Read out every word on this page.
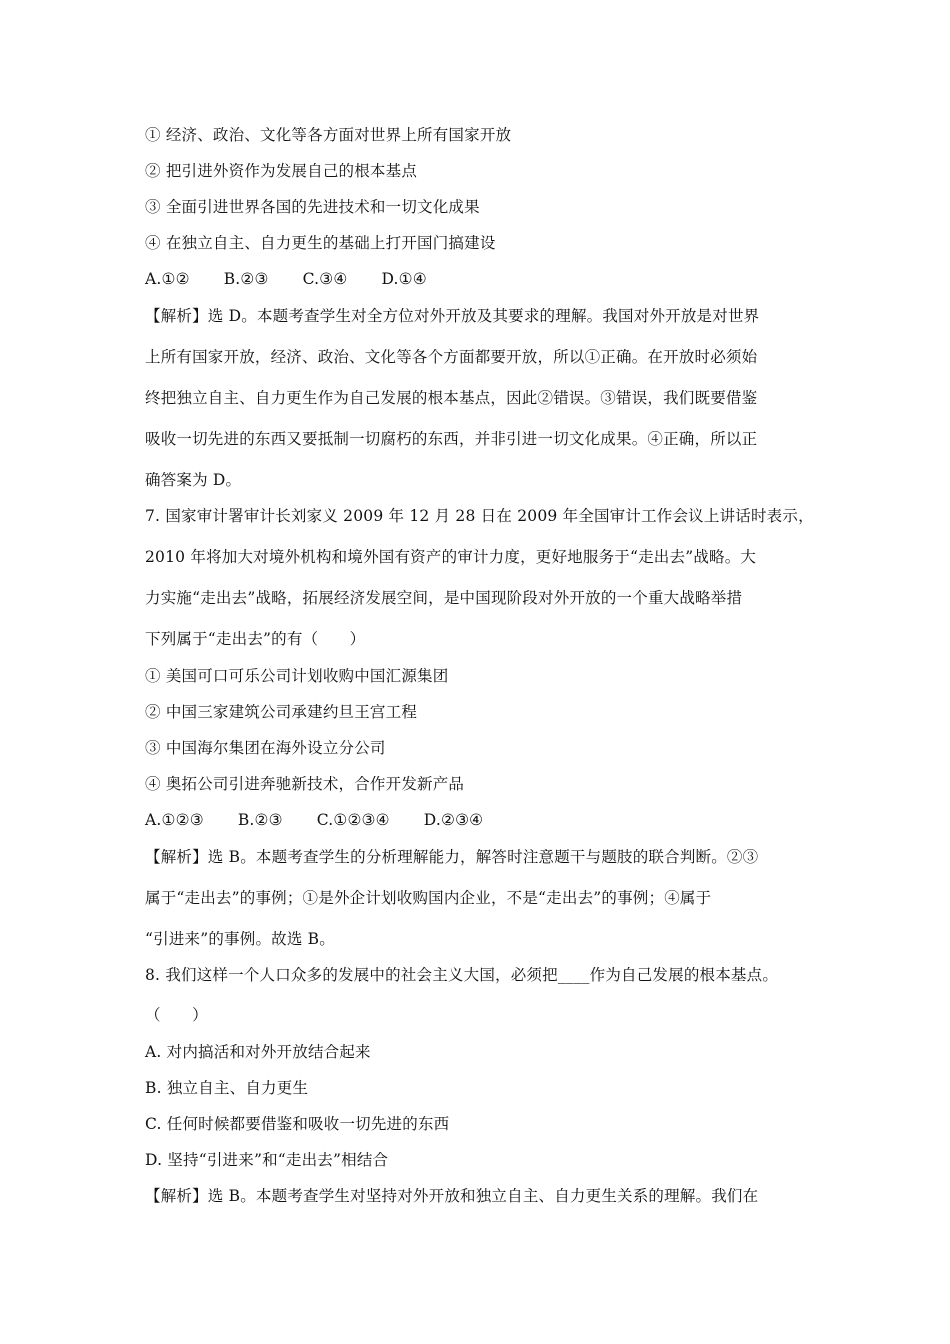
① 经济、政治、文化等各方面对世界上所有国家开放
② 把引进外资作为发展自己的根本基点
③ 全面引进世界各国的先进技术和一切文化成果
④ 在独立自主、自力更生的基础上打开国门搞建设
A.①② B.②③ C.③④ D.①④
【解析】选 D。本题考查学生对全方位对外开放及其要求的理解。我国对外开放是对世界
上所有国家开放，经济、政治、文化等各个方面都要开放，所以①正确。在开放时必须始
终把独立自主、自力更生作为自己发展的根本基点，因此②错误。③错误，我们既要借鉴
吸收一切先进的东西又要抵制一切腐朽的东西，并非引进一切文化成果。④正确，所以正
确答案为 D。
7. 国家审计署审计长刘家义 2009 年 12 月 28 日在 2009 年全国审计工作会议上讲话时表示，
2010 年将加大对境外机构和境外国有资产的审计力度，更好地服务于“走出去”战略。大
力实施“走出去”战略，拓展经济发展空间，是中国现阶段对外开放的一个重大战略举措
下列属于“走出去”的有（　　）
① 美国可口可乐公司计划收购中国汇源集团
② 中国三家建筑公司承建约旦王宫工程
③ 中国海尔集团在海外设立分公司
④ 奥拓公司引进奔驰新技术，合作开发新产品
A.①②③ B.②③ C.①②③④ D.②③④
【解析】选 B。本题考查学生的分析理解能力，解答时注意题干与题肢的联合判断。②③
属于“走出去”的事例；①是外企计划收购国内企业，不是“走出去”的事例；④属于
“引进来”的事例。故选 B。
8. 我们这样一个人口众多的发展中的社会主义大国，必须把____作为自己发展的根本基点。
（　　）
A. 对内搞活和对外开放结合起来
B. 独立自主、自力更生
C. 任何时候都要借鉴和吸收一切先进的东西
D. 坚持“引进来”和“走出去”相结合
【解析】选 B。本题考查学生对坚持对外开放和独立自主、自力更生关系的理解。我们在
